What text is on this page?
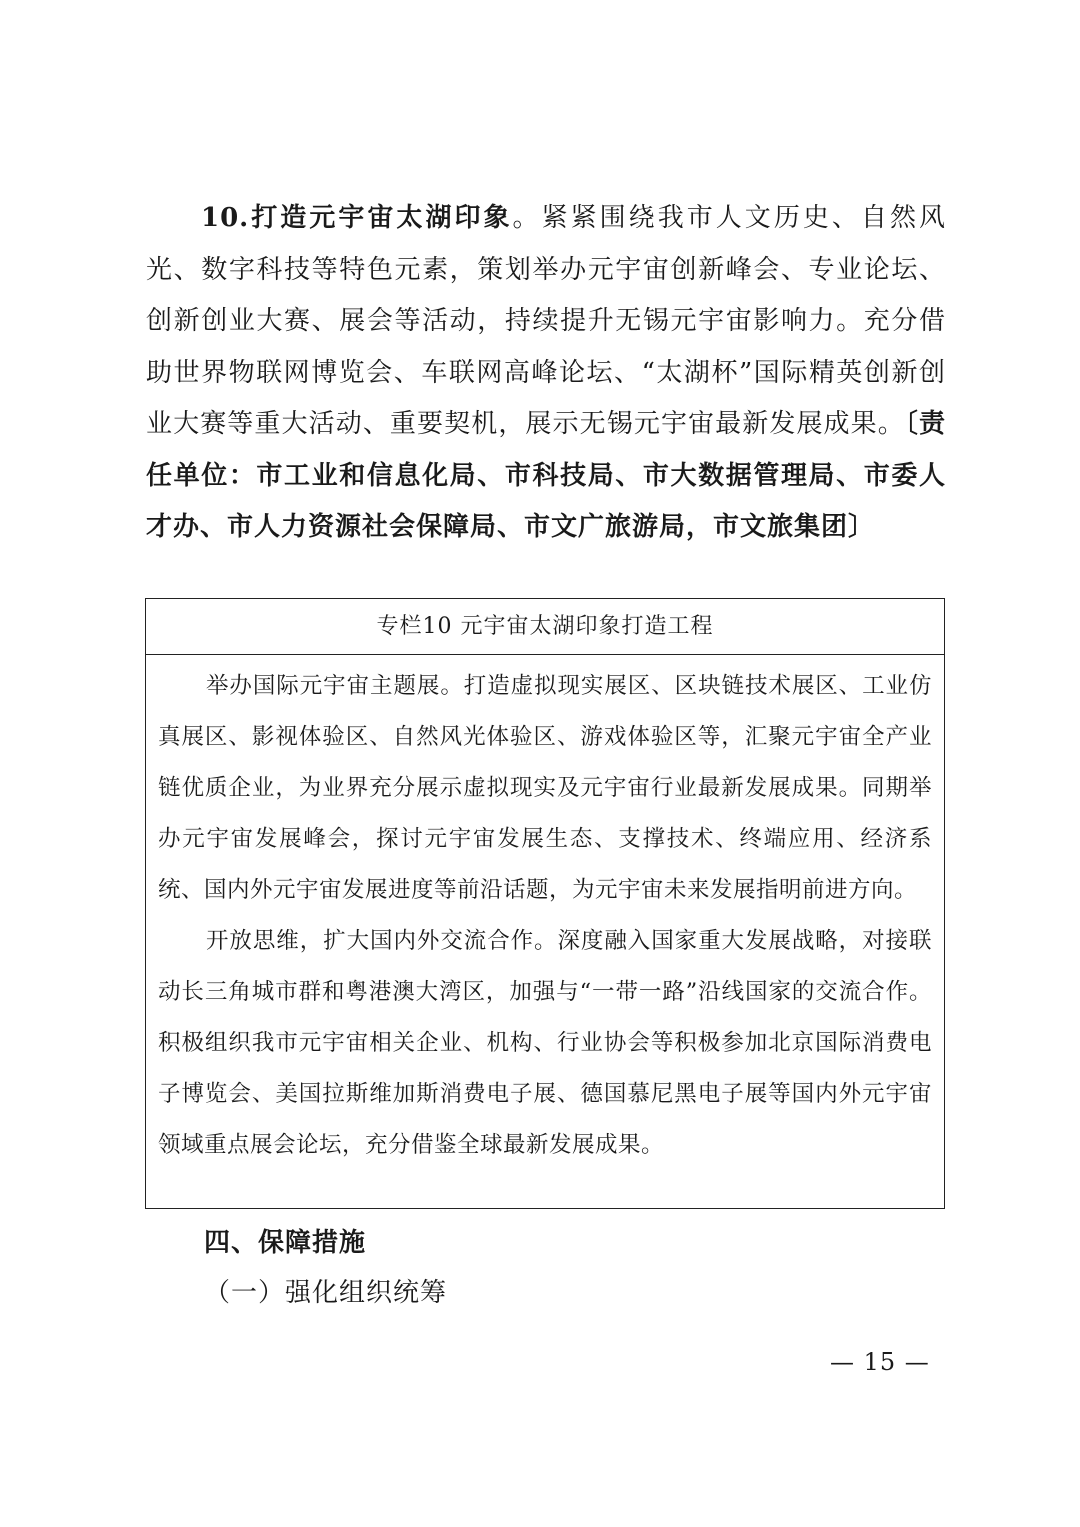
10.打造元宇宙太湖印象。紧紧围绕我市人文历史、自然风光、数字科技等特色元素，策划举办元宇宙创新峰会、专业论坛、创新创业大赛、展会等活动，持续提升无锡元宇宙影响力。充分借助世界物联网博览会、车联网高峰论坛、“太湖杯”国际精英创新创业大赛等重大活动、重要契机，展示无锡元宇宙最新发展成果。〔责任单位：市工业和信息化局、市科技局、市大数据管理局、市委人才办、市人力资源社会保障局、市文广旅游局，市文旅集团〕

专栏10 元宇宙太湖印象打造工程

举办国际元宇宙主题展。打造虚拟现实展区、区块链技术展区、工业仿真展区、影视体验区、自然风光体验区、游戏体验区等，汇聚元宇宙全产业链优质企业，为业界充分展示虚拟现实及元宇宙行业最新发展成果。同期举办元宇宙发展峰会，探讨元宇宙发展生态、支撑技术、终端应用、经济系统、国内外元宇宙发展进度等前沿话题，为元宇宙未来发展指明前进方向。

开放思维，扩大国内外交流合作。深度融入国家重大发展战略，对接联动长三角城市群和粤港澳大湾区，加强与“一带一路”沿线国家的交流合作。积极组织我市元宇宙相关企业、机构、行业协会等积极参加北京国际消费电子博览会、美国拉斯维加斯消费电子展、德国慕尼黑电子展等国内外元宇宙领域重点展会论坛，充分借鉴全球最新发展成果。

四、保障措施

（一）强化组织统筹

— 15 —
